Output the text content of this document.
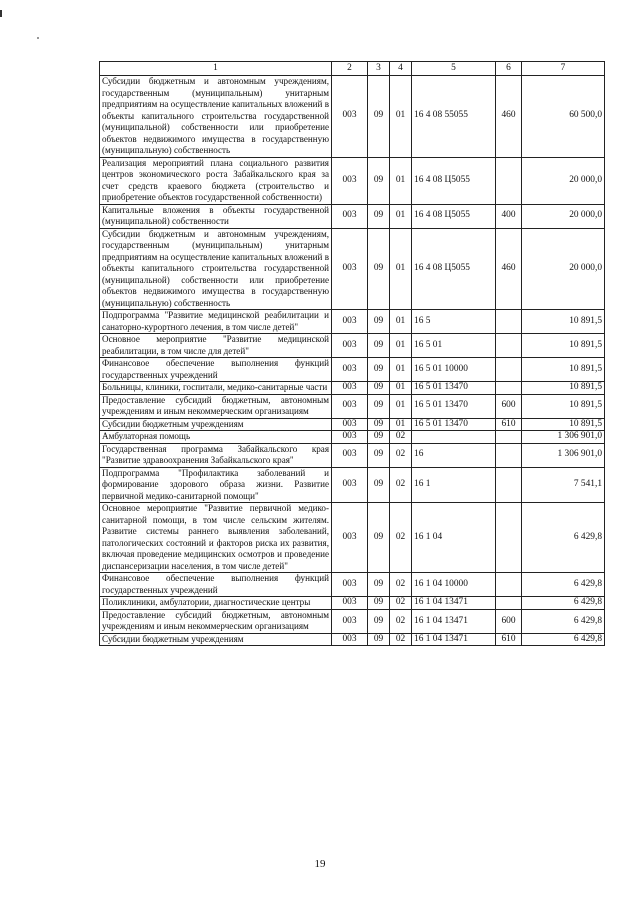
1	2	3	4	5	6	7
Субсидии бюджетным и автономным учреждениям, государственным (муниципальным) унитарным предприятиям на осуществление капитальных вложений в объекты капитального строительства государственной (муниципальной) собственности или приобретение объектов недвижимого имущества в государственную (муниципальную) собственность	003	09	01	16 4 08 55055	460	60 500,0
Реализация мероприятий плана социального развития центров экономического роста Забайкальского края за счет средств краевого бюджета (строительство и приобретение объектов государственной собственности)	003	09	01	16 4 08 Ц5055		20 000,0
Капитальные вложения в объекты государственной (муниципальной) собственности	003	09	01	16 4 08 Ц5055	400	20 000,0
Субсидии бюджетным и автономным учреждениям, государственным (муниципальным) унитарным предприятиям на осуществление капитальных вложений в объекты капитального строительства государственной (муниципальной) собственности или приобретение объектов недвижимого имущества в государственную (муниципальную) собственность	003	09	01	16 4 08 Ц5055	460	20 000,0
Подпрограмма "Развитие медицинской реабилитации и санаторно-курортного лечения, в том числе детей"	003	09	01	16 5		10 891,5
Основное мероприятие "Развитие медицинской реабилитации, в том числе для детей"	003	09	01	16 5 01		10 891,5
Финансовое обеспечение выполнения функций государственных учреждений	003	09	01	16 5 01 10000		10 891,5
Больницы, клиники, госпитали, медико-санитарные части	003	09	01	16 5 01 13470		10 891,5
Предоставление субсидий бюджетным, автономным учреждениям и иным некоммерческим организациям	003	09	01	16 5 01 13470	600	10 891,5
Субсидии бюджетным учреждениям	003	09	01	16 5 01 13470	610	10 891,5
Амбулаторная помощь	003	09	02			1 306 901,0
Государственная программа Забайкальского края "Развитие здравоохранения Забайкальского края"	003	09	02	16		1 306 901,0
Подпрограмма "Профилактика заболеваний и формирование здорового образа жизни. Развитие первичной медико-санитарной помощи"	003	09	02	16 1		7 541,1
Основное мероприятие "Развитие первичной медико-санитарной помощи, в том числе сельским жителям. Развитие системы раннего выявления заболеваний, патологических состояний и факторов риска их развития, включая проведение медицинских осмотров и проведение диспансеризации населения, в том числе детей"	003	09	02	16 1 04		6 429,8
Финансовое обеспечение выполнения функций государственных учреждений	003	09	02	16 1 04 10000		6 429,8
Поликлиники, амбулатории, диагностические центры	003	09	02	16 1 04 13471		6 429,8
Предоставление субсидий бюджетным, автономным учреждениям и иным некоммерческим организациям	003	09	02	16 1 04 13471	600	6 429,8
Субсидии бюджетным учреждениям	003	09	02	16 1 04 13471	610	6 429,8
19
